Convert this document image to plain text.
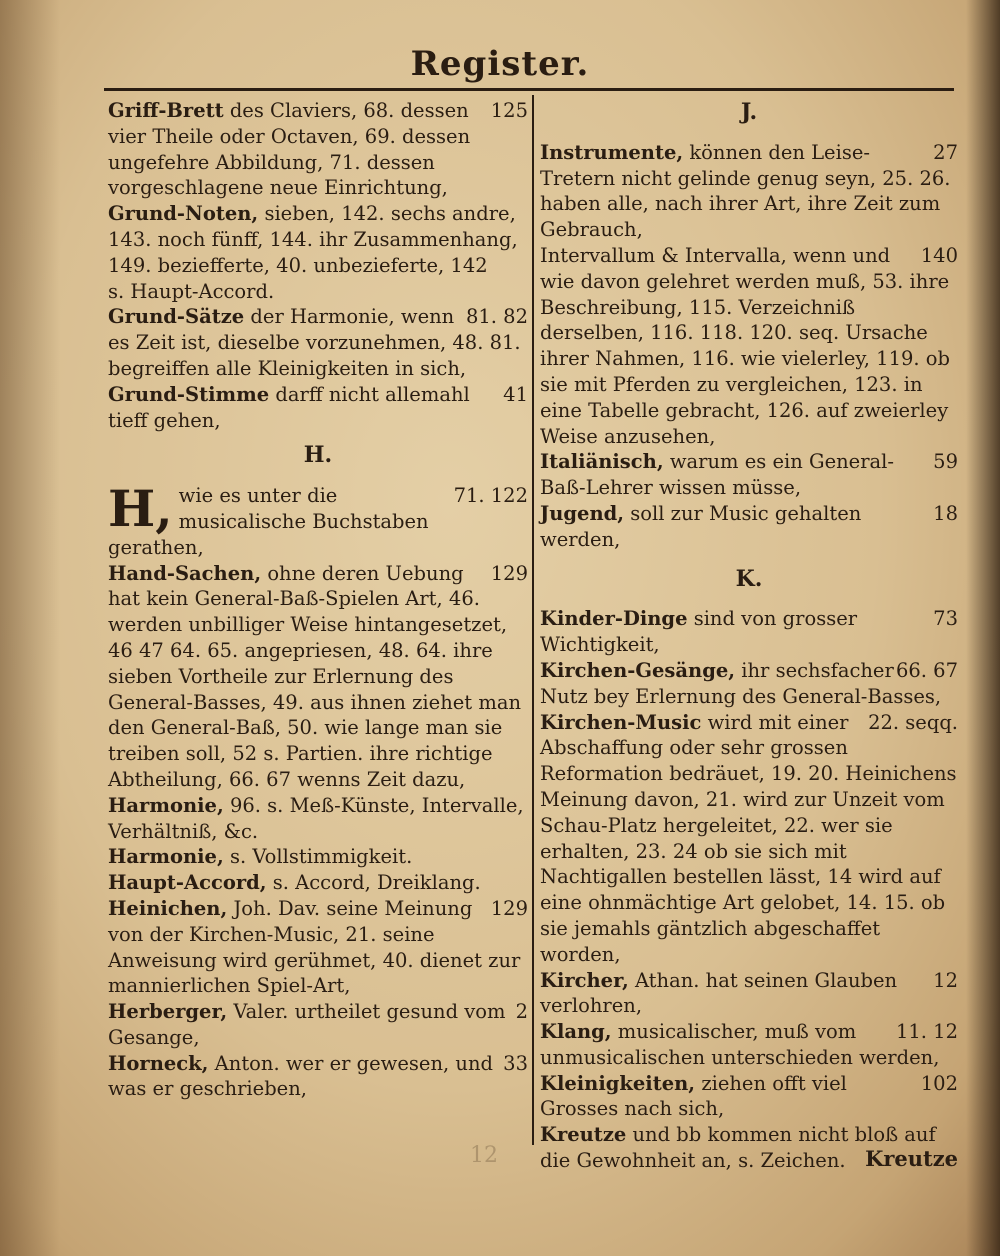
Register.

125
Griff-Brett des Claviers, 68. dessen vier Theile oder Octaven, 69. dessen ungefehre Abbildung, 71. dessen vorgeschlagene neue Einrichtung,

Grund-Noten, sieben, 142. sechs andre, 143. noch fünff, 144. ihr Zusammenhang, 149. beziefferte, 40. unbezieferte, 142

s. Haupt-Accord.

81. 82
Grund-Sätze der Harmonie, wenn es Zeit ist, dieselbe vorzunehmen, 48. 81. begreiffen alle Kleinigkeiten in sich,

41
Grund-Stimme darff nicht allemahl tieff gehen,

H.

H,	71. 122
wie es unter die musicalische Buchstaben gerathen,

129
Hand-Sachen, ohne deren Uebung hat kein General-Baß-Spielen Art, 46. werden unbilliger Weise hintangesetzet, 46 47 64. 65. angepriesen, 48. 64. ihre sieben Vortheile zur Erlernung des General-Basses, 49. aus ihnen ziehet man den General-Baß, 50. wie lange man sie treiben soll, 52 s. Partien. ihre richtige Abtheilung, 66. 67 wenns Zeit dazu,

Harmonie, 96. s. Meß-Künste, Intervalle, Verhältniß, &c.

Harmonie, s. Vollstimmigkeit.

Haupt-Accord, s. Accord, Dreiklang.

129
Heinichen, Joh. Dav. seine Meinung von der Kirchen-Music, 21. seine Anweisung wird gerühmet, 40. dienet zur mannierlichen Spiel-Art,

2
Herberger, Valer. urtheilet gesund vom Gesange,

33
Horneck, Anton. wer er gewesen, und was er geschrieben,

J.

27
Instrumente, können den Leise-Tretern nicht gelinde genug seyn, 25. 26. haben alle, nach ihrer Art, ihre Zeit zum Gebrauch,

140
Intervallum & Intervalla, wenn und wie davon gelehret werden muß, 53. ihre Beschreibung, 115. Verzeichniß derselben, 116. 118. 120. seq. Ursache ihrer Nahmen, 116. wie vielerley, 119. ob sie mit Pferden zu vergleichen, 123. in eine Tabelle gebracht, 126. auf zweierley Weise anzusehen,

59
Italiänisch, warum es ein General-Baß-Lehrer wissen müsse,

18
Jugend, soll zur Music gehalten werden,

K.

73
Kinder-Dinge sind von grosser Wichtigkeit,

66. 67
Kirchen-Gesänge, ihr sechsfacher Nutz bey Erlernung des General-Basses,

22. seqq.
Kirchen-Music wird mit einer Abschaffung oder sehr grossen Reformation bedräuet, 19. 20. Heinichens Meinung davon, 21. wird zur Unzeit vom Schau-Platz hergeleitet, 22. wer sie erhalten, 23. 24 ob sie sich mit Nachtigallen bestellen lässt, 14 wird auf eine ohnmächtige Art gelobet, 14. 15. ob sie jemahls gäntzlich abgeschaffet worden,

12
Kircher, Athan. hat seinen Glauben verlohren,

11. 12
Klang, musicalischer, muß vom unmusicalischen unterschieden werden,

102
Kleinigkeiten, ziehen offt viel Grosses nach sich,

Kreutze und bb kommen nicht bloß auf die Gewohnheit an, s. Zeichen.

12	Kreutze
